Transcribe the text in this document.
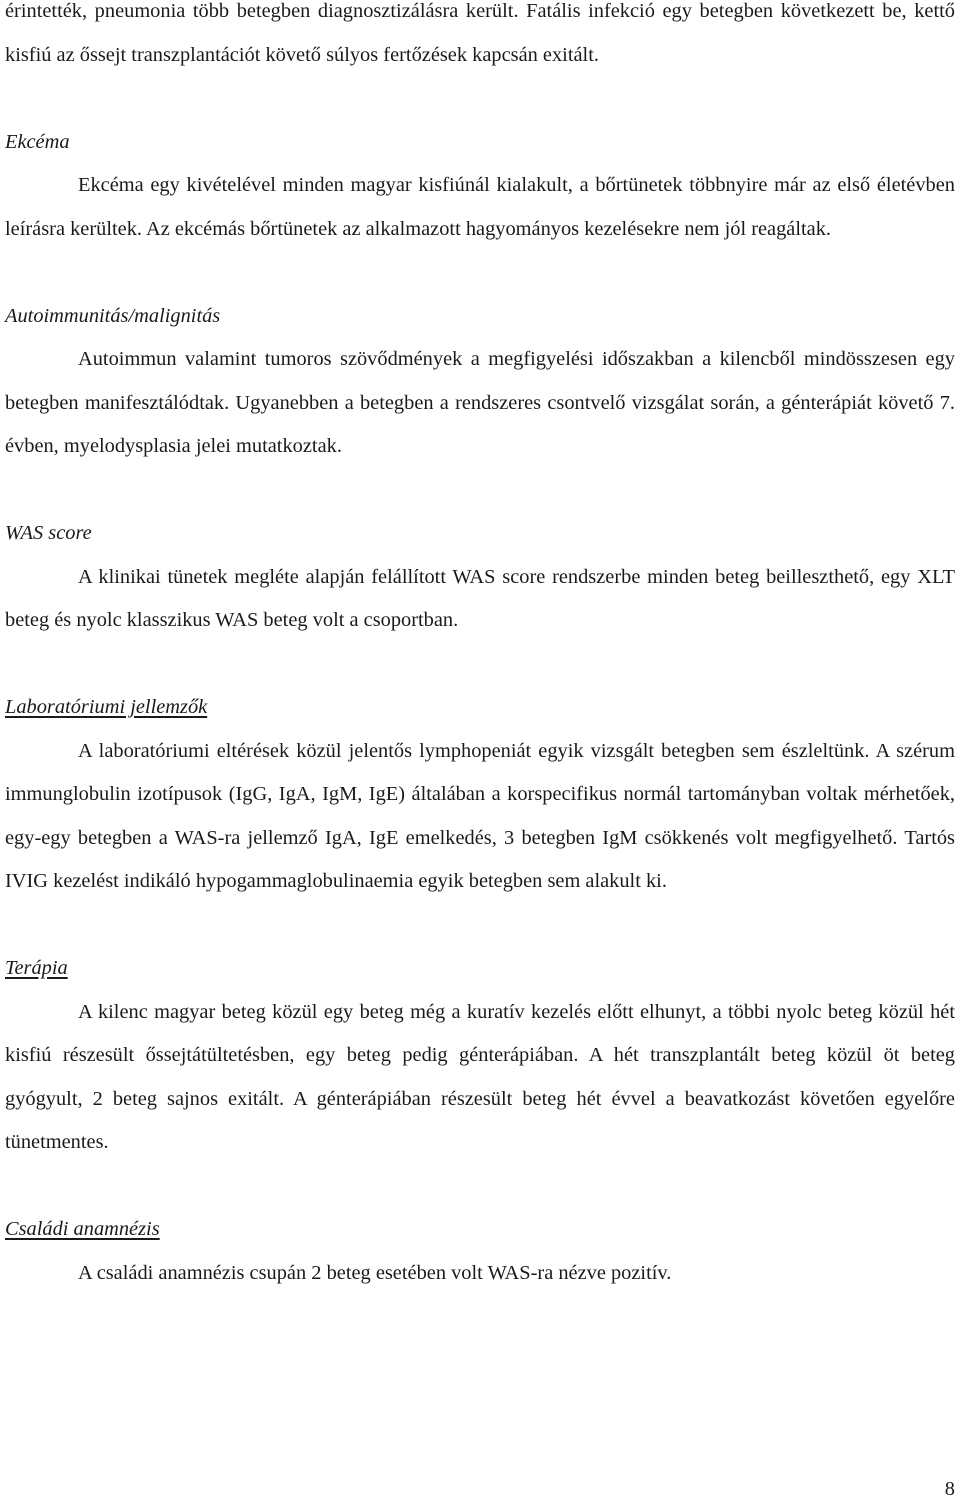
érintették, pneumonia több betegben diagnosztizálásra került. Fatális infekció egy betegben következett be, kettő kisfiú az őssejt transzplantációt követő súlyos fertőzések kapcsán exitált.

Ekcéma

Ekcéma egy kivételével minden magyar kisfiúnál kialakult, a bőrtünetek többnyire már az első életévben leírásra kerültek. Az ekcémás bőrtünetek az alkalmazott hagyományos kezelésekre nem jól reagáltak.

Autoimmunitás/malignitás

Autoimmun valamint tumoros szövődmények a megfigyelési időszakban a kilencből mindösszesen egy betegben manifesztálódtak. Ugyanebben a betegben a rendszeres csontvelő vizsgálat során, a génterápiát követő 7. évben, myelodysplasia jelei mutatkoztak.

WAS score

A klinikai tünetek megléte alapján felállított WAS score rendszerbe minden beteg beilleszthető, egy XLT beteg és nyolc klasszikus WAS beteg volt a csoportban.

Laboratóriumi jellemzők

A laboratóriumi eltérések közül jelentős lymphopeniát egyik vizsgált betegben sem észleltünk. A szérum immunglobulin izotípusok (IgG, IgA, IgM, IgE) általában a korspecifikus normál tartományban voltak mérhetőek, egy-egy betegben a WAS-ra jellemző IgA, IgE emelkedés, 3 betegben IgM csökkenés volt megfigyelhető. Tartós IVIG kezelést indikáló hypogammaglobulinaemia egyik betegben sem alakult ki.

Terápia

A kilenc magyar beteg közül egy beteg még a kuratív kezelés előtt elhunyt, a többi nyolc beteg közül hét kisfiú részesült őssejtátültetésben, egy beteg pedig génterápiában. A hét transzplantált beteg közül öt beteg gyógyult, 2 beteg sajnos exitált. A génterápiában részesült beteg hét évvel a beavatkozást követően egyelőre tünetmentes.

Családi anamnézis

A családi anamnézis csupán 2 beteg esetében volt WAS-ra nézve pozitív.

8
